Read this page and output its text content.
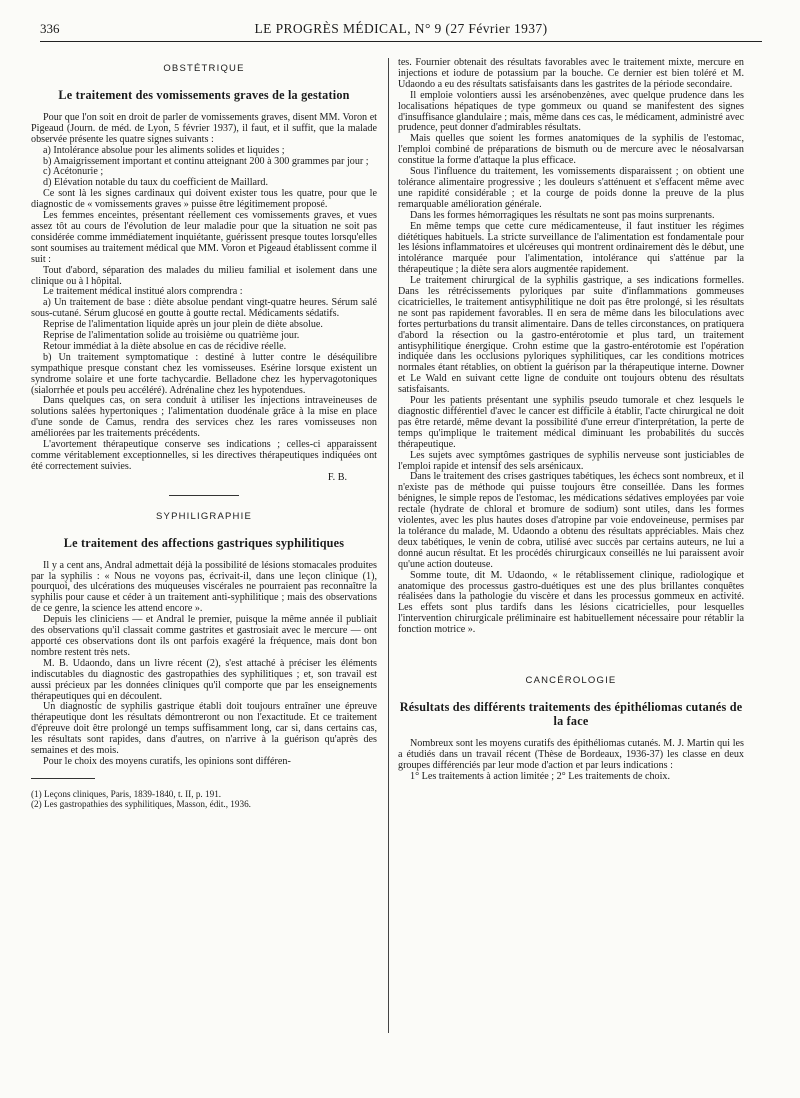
336	LE PROGRÈS MÉDICAL, N° 9 (27 Février 1937)
OBSTÉTRIQUE
Le traitement des vomissements graves de la gestation

Pour que l'on soit en droit de parler de vomissements graves, disent MM. Voron et Pigeaud (Journ. de méd. de Lyon, 5 février 1937), il faut, et il suffit, que la malade observée présente les quatre signes suivants :

a) Intolérance absolue pour les aliments solides et liquides ;

b) Amaigrissement important et continu atteignant 200 à 300 grammes par jour ;

c) Acétonurie ;

d) Elévation notable du taux du coefficient de Maillard.

Ce sont là les signes cardinaux qui doivent exister tous les quatre, pour que le diagnostic de « vomissements graves » puisse être légitimement proposé.

Les femmes enceintes, présentant réellement ces vomissements graves, et vues assez tôt au cours de l'évolution de leur maladie pour que la situation ne soit pas considérée comme immédiatement inquiétante, guérissent presque toutes lorsqu'elles sont soumises au traitement médical que MM. Voron et Pigeaud établissent comme il suit :

Tout d'abord, séparation des malades du milieu familial et isolement dans une clinique ou à l hôpital.

Le traitement médical institué alors comprendra :

a) Un traitement de base : diète absolue pendant vingt-quatre heures. Sérum salé sous-cutané. Sérum glucosé en goutte à goutte rectal. Médicaments sédatifs.

Reprise de l'alimentation liquide après un jour plein de diète absolue.

Reprise de l'alimentation solide au troisième ou quatrième jour.

Retour immédiat à la diète absolue en cas de récidive réelle.

b) Un traitement symptomatique : destiné à lutter contre le déséquilibre sympathique presque constant chez les vomisseuses. Esérine lorsque existent un syndrome solaire et une forte tachycardie. Belladone chez les hypervagotoniques (sialorrhée et pouls peu accéléré). Adrénaline chez les hypotendues.

Dans quelques cas, on sera conduit à utiliser les injections intraveineuses de solutions salées hypertoniques ; l'alimentation duodénale grâce à la mise en place d'une sonde de Camus, rendra des services chez les rares vomisseuses non améliorées par les traitements précédents.

L'avortement thérapeutique conserve ses indications ; celles-ci apparaissent comme véritablement exceptionnelles, si les directives thérapeutiques indiquées ont été correctement suivies.

F. B.

SYPHILIGRAPHIE
Le traitement des affections gastriques syphilitiques

Il y a cent ans, Andral admettait déjà la possibilité de lésions stomacales produites par la syphilis : « Nous ne voyons pas, écrivait-il, dans une leçon clinique (1), pourquoi, des ulcérations des muqueuses viscérales ne pourraient pas reconnaître la syphilis pour cause et céder à un traitement anti-syphilitique ; mais des observations de ce genre, la science les attend encore ».

Depuis les cliniciens — et Andral le premier, puisque la même année il publiait des observations qu'il classait comme gastrites et gastrosiait avec le mercure — ont apporté ces observations dont ils ont parfois exagéré la fréquence, mais dont bon nombre restent très nets.

M. B. Udaondo, dans un livre récent (2), s'est attaché à préciser les éléments indiscutables du diagnostic des gastropathies des syphilitiques ; et, son travail est aussi précieux par les données cliniques qu'il comporte que par les enseignements thérapeutiques qui en découlent.

Un diagnostic de syphilis gastrique établi doit toujours entraîner une épreuve thérapeutique dont les résultats démontreront ou non l'exactitude. Et ce traitement d'épreuve doit être prolongé un temps suffisamment long, car si, dans certains cas, les résultats sont rapides, dans d'autres, on n'arrive à la guérison qu'après des semaines et des mois.

Pour le choix des moyens curatifs, les opinions sont différen-

(1) Leçons cliniques, Paris, 1839-1840, t. II, p. 191.

(2) Les gastropathies des syphilitiques, Masson, édit., 1936.

tes. Fournier obtenait des résultats favorables avec le traitement mixte, mercure en injections et iodure de potassium par la bouche. Ce dernier est bien toléré et M. Udaondo a eu des résultats satisfaisants dans les gastrites de la période secondaire.

Il emploie volontiers aussi les arsénobenzènes, avec quelque prudence dans les localisations hépatiques de type gommeux ou quand se manifestent des signes d'insuffisance glandulaire ; mais, même dans ces cas, le médicament, administré avec prudence, peut donner d'admirables résultats.

Mais quelles que soient les formes anatomiques de la syphilis de l'estomac, l'emploi combiné de préparations de bismuth ou de mercure avec le néosalvarsan constitue la forme d'attaque la plus efficace.

Sous l'influence du traitement, les vomissements disparaissent ; on obtient une tolérance alimentaire progressive ; les douleurs s'atténuent et s'effacent même avec une rapidité considérable ; et la courge de poids donne la preuve de la plus remarquable amélioration générale.

Dans les formes hémorragiques les résultats ne sont pas moins surprenants.

En même temps que cette cure médicamenteuse, il faut instituer les régimes diététiques habituels. La stricte surveillance de l'alimentation est fondamentale pour les lésions inflammatoires et ulcéreuses qui montrent ordinairement dès le début, une intolérance marquée pour l'alimentation, intolérance qui s'atténue par la thérapeutique ; la diète sera alors augmentée rapidement.

Le traitement chirurgical de la syphilis gastrique, a ses indications formelles. Dans les rétrécissements pyloriques par suite d'inflammations gommeuses cicatricielles, le traitement antisyphilitique ne doit pas être prolongé, si les résultats ne sont pas rapidement favorables. Il en sera de même dans les biloculations avec fortes perturbations du transit alimentaire. Dans de telles circonstances, on pratiquera d'abord la résection ou la gastro-entérotomie et plus tard, un traitement antisyphilitique énergique. Crohn estime que la gastro-entérotomie est l'opération indiquée dans les occlusions pyloriques syphilitiques, car les conditions motrices normales étant rétablies, on obtient la guérison par la thérapeutique interne. Downer et Le Wald en suivant cette ligne de conduite ont toujours obtenu des résultats satisfaisants.

Pour les patients présentant une syphilis pseudo tumorale et chez lesquels le diagnostic différentiel d'avec le cancer est difficile à établir, l'acte chirurgical ne doit pas être retardé, même devant la possibilité d'une erreur d'interprétation, la perte de temps qu'implique le traitement médical diminuant les probabilités du succès thérapeutique.

Les sujets avec symptômes gastriques de syphilis nerveuse sont justiciables de l'emploi rapide et intensif des sels arsénicaux.

Dans le traitement des crises gastriques tabétiques, les échecs sont nombreux, et il n'existe pas de méthode qui puisse toujours être conseillée. Dans les formes bénignes, le simple repos de l'estomac, les médications sédatives employées par voie rectale (hydrate de chloral et bromure de sodium) sont utiles, dans les formes violentes, avec les plus hautes doses d'atropine par voie endoveineuse, permises par la tolérance du malade, M. Udaondo a obtenu des résultats appréciables. Mais chez deux tabétiques, le venin de cobra, utilisé avec succès par certains auteurs, ne lui a donné aucun résultat. Et les procédés chirurgicaux conseillés ne lui paraissent avoir qu'une action douteuse.

Somme toute, dit M. Udaondo, « le rétablissement clinique, radiologique et anatomique des processus gastro-duétiques est une des plus brillantes conquêtes réalisées dans la pathologie du viscère et dans les processus gommeux en activité. Les effets sont plus tardifs dans les lésions cicatricielles, pour lesquelles l'intervention chirurgicale préliminaire est habituellement nécessaire pour rétablir la fonction motrice ».

CANCÉROLOGIE
Résultats des différents traitements des épithéliomas cutanés de la face

Nombreux sont les moyens curatifs des épithéliomas cutanés. M. J. Martin qui les a étudiés dans un travail récent (Thèse de Bordeaux, 1936-37) les classe en deux groupes différenciés par leur mode d'action et par leurs indications :

1° Les traitements à action limitée ; 2° Les traitements de choix.
